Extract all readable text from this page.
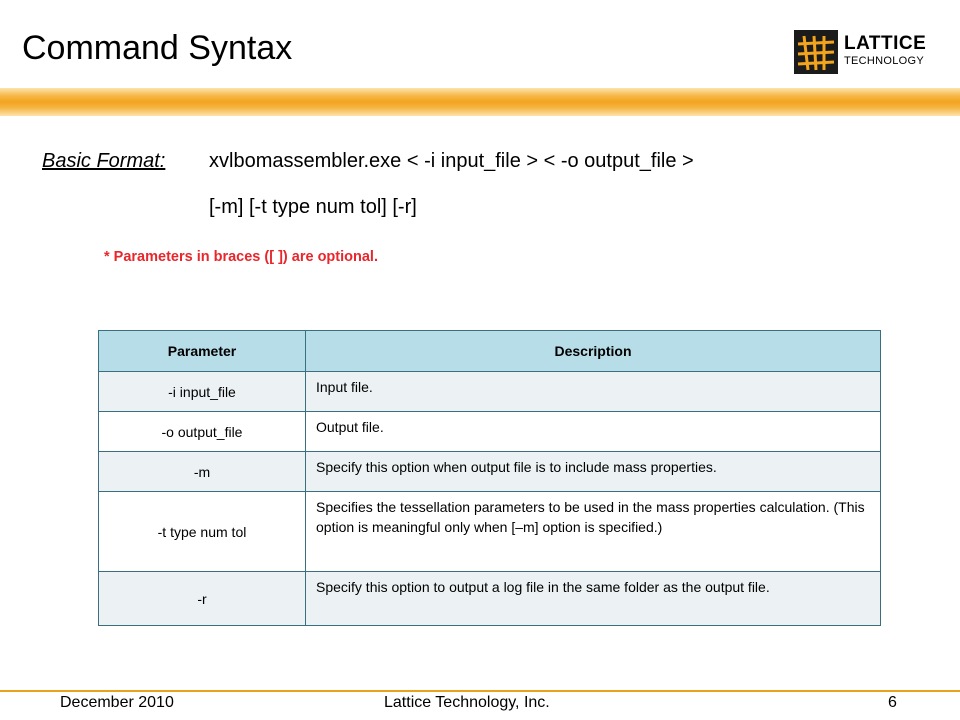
Command Syntax	LATTICE
TECHNOLOGY
Basic Format: xvlbomassembler.exe < -i input_file > < -o output_file >
[-m] [-t type num tol] [-r]
* Parameters in braces ([ ]) are optional.
Parameter	Description
-i input_file	Input file.
-o output_file	Output file.
-m	Specify this option when output file is to include mass properties.
-t type num tol	Specifies the tessellation parameters to be used in the mass properties calculation. (This option is meaningful only when [–m] option is specified.)
-r	Specify this option to output a log file in the same folder as the output file.
December 2010	Lattice Technology, Inc.	6
